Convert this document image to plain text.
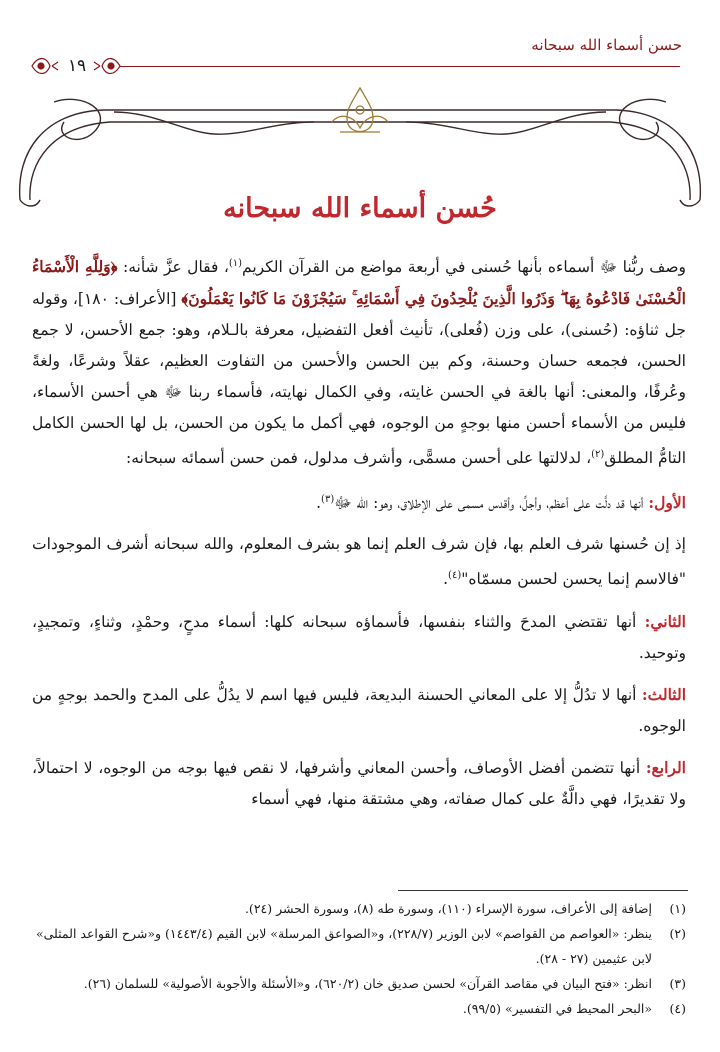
حسن أسماء الله سبحانه
١٩
حُسن أسماء الله سبحانه

وصف ربُّنا ﷻ أسماءه بأنها حُسنى في أربعة مواضع من القرآن الكريم$^{(١)}$، فقال عزَّ شأنه: ﴿وَلِلَّهِ الْأَسْمَاءُ الْحُسْنَىٰ فَادْعُوهُ بِهَا ۖ وَذَرُوا الَّذِينَ يُلْحِدُونَ فِي أَسْمَائِهِ ۚ سَيُجْزَوْنَ مَا كَانُوا يَعْمَلُونَ﴾ [الأعراف: ١٨٠]، وقوله جل ثناؤه: (حُسنى)، على وزن (فُعلى)، تأنيث أفعل التفضيل، معرفة بالـلام، وهو: جمع الأحسن، لا جمع الحسن، فجمعه حسان وحسنة، وكم بين الحسن والأحسن من التفاوت العظيم، عقلاً وشرعًا، ولغةً وعُرفًا، والمعنى: أنها بالغة في الحسن غايته، وفي الكمال نهايته، فأسماء ربنا ﷻ هي أحسن الأسماء، فليس من الأسماء أحسن منها بوجهٍ من الوجوه، فهي أكمل ما يكون من الحسن، بل لها الحسن الكامل التامُّ المطلق$^{(٢)}$، لدلالتها على أحسن مسمًّى، وأشرف مدلول، فمن حسن أسمائه سبحانه:

الأول: أنها قد دلَّت على أعظم، وأجلِّ، وأقدس مسمى على الإطلاق، وهو: الله ﷻ$^{(٣)}$.

إذ إن حُسنها شرف العلم بها، فإن شرف العلم إنما هو بشرف المعلوم، والله سبحانه أشرف الموجودات "فالاسم إنما يحسن لحسن مسمّاه"$^{(٤)}$.

الثاني: أنها تقتضي المدحَ والثناء بنفسها، فأسماؤه سبحانه كلها: أسماء مدحٍ، وحمْدٍ، وثناءٍ، وتمجيدٍ، وتوحيد.

الثالث: أنها لا تدُلُّ إلا على المعاني الحسنة البديعة، فليس فيها اسم لا يدُلُّ على المدح والحمد بوجهٍ من الوجوه.

الرابع: أنها تتضمن أفضل الأوصاف، وأحسن المعاني وأشرفها، لا نقص فيها بوجه من الوجوه، لا احتمالاً، ولا تقديرًا، فهي دالَّةٌ على كمال صفاته، وهي مشتقة منها، فهي أسماء

(١)
إضافة إلى الأعراف، سورة الإسراء (١١٠)، وسورة طه (٨)، وسورة الحشر (٢٤).

(٢)
ينظر: «العواصم من القواصم» لابن الوزير (٢٢٨/٧)، و«الصواعق المرسلة» لابن القيم (١٤٤٣/٤) و«شرح القواعد المثلى» لابن عثيمين (٢٧ - ٢٨).

(٣)
انظر: «فتح البيان في مقاصد القرآن» لحسن صديق خان (٦٢٠/٢)، و«الأسئلة والأجوبة الأصولية» للسلمان (٢٦).

(٤)
«البحر المحيط في التفسير» (٩٩/٥).
